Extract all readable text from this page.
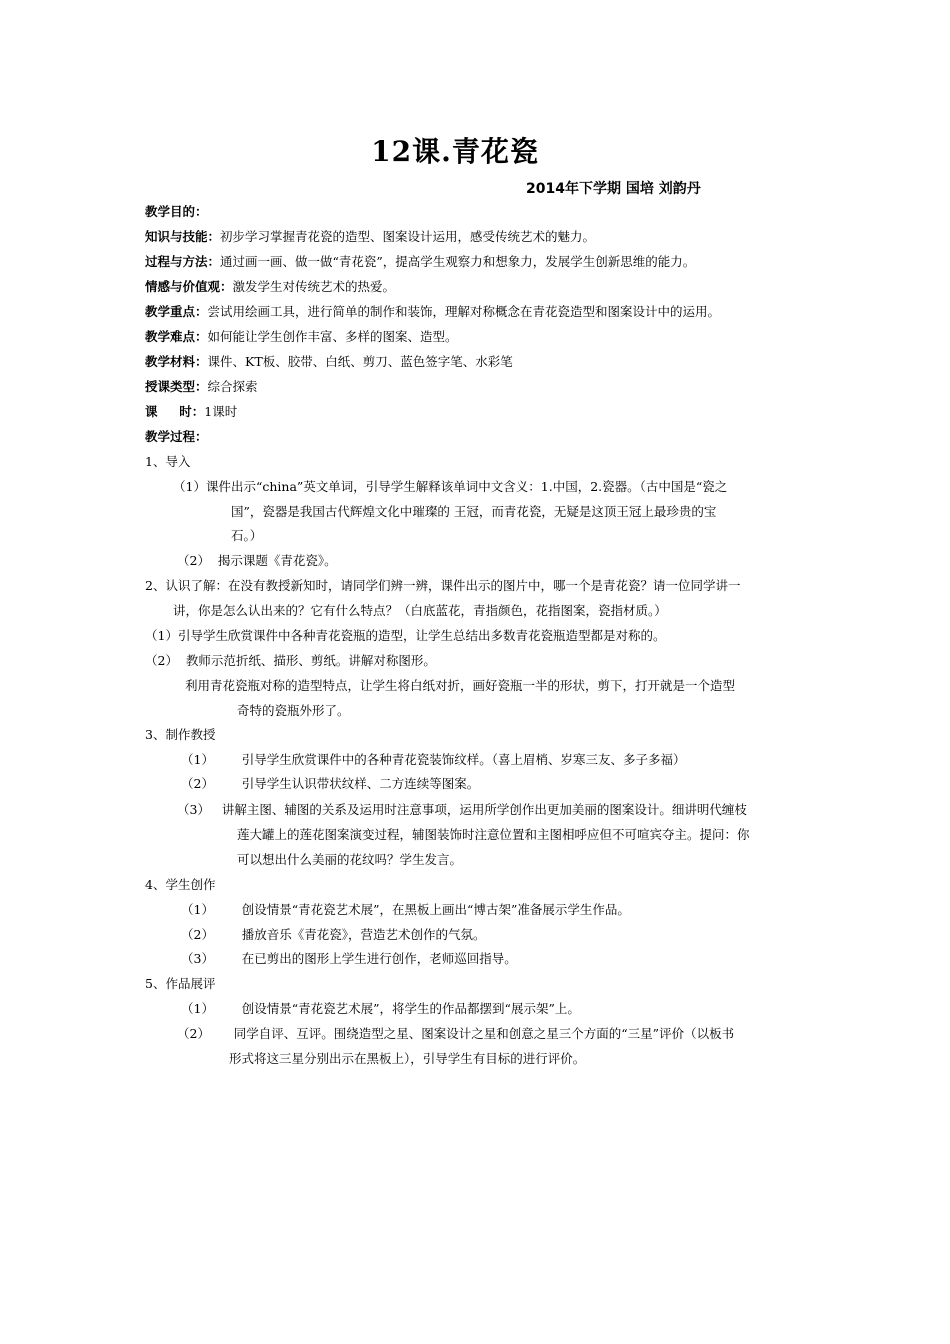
12课.青花瓷
2014年下学期 国培 刘韵丹
教学目的：
知识与技能：初步学习掌握青花瓷的造型、图案设计运用，感受传统艺术的魅力。
过程与方法：通过画一画、做一做“青花瓷”，提高学生观察力和想象力，发展学生创新思维的能力。
情感与价值观：激发学生对传统艺术的热爱。
教学重点：尝试用绘画工具，进行简单的制作和装饰，理解对称概念在青花瓷造型和图案设计中的运用。
教学难点：如何能让学生创作丰富、多样的图案、造型。
教学材料：课件、KT板、胶带、白纸、剪刀、蓝色签字笔、水彩笔
授课类型：综合探索
课     时：1课时
教学过程：
1、导入
（1）课件出示“china”英文单词，引导学生解释该单词中文含义：1.中国，2.瓷器。（古中国是“瓷之
国”，瓷器是我国古代辉煌文化中璀璨的 王冠，而青花瓷，无疑是这顶王冠上最珍贵的宝
石。）
（2）  揭示课题《青花瓷》。
2、认识了解：在没有教授新知时，请同学们辨一辨，课件出示的图片中，哪一个是青花瓷？请一位同学讲一
讲，你是怎么认出来的？它有什么特点？（白底蓝花，青指颜色，花指图案，瓷指材质。）
（1）引导学生欣赏课件中各种青花瓷瓶的造型，让学生总结出多数青花瓷瓶造型都是对称的。
（2）  教师示范折纸、描形、剪纸。讲解对称图形。
利用青花瓷瓶对称的造型特点，让学生将白纸对折，画好瓷瓶一半的形状，剪下，打开就是一个造型
奇特的瓷瓶外形了。
3、制作教授
（1）       引导学生欣赏课件中的各种青花瓷装饰纹样。（喜上眉梢、岁寒三友、多子多福）
（2）       引导学生认识带状纹样、二方连续等图案。
（3）   讲解主图、辅图的关系及运用时注意事项，运用所学创作出更加美丽的图案设计。细讲明代缠枝
莲大罐上的莲花图案演变过程，辅图装饰时注意位置和主图相呼应但不可喧宾夺主。提问：你
可以想出什么美丽的花纹吗？学生发言。
4、学生创作
（1）       创设情景“青花瓷艺术展”，在黑板上画出“博古架”准备展示学生作品。
（2）       播放音乐《青花瓷》，营造艺术创作的气氛。
（3）       在已剪出的图形上学生进行创作，老师巡回指导。
5、作品展评
（1）       创设情景“青花瓷艺术展”，将学生的作品都摆到“展示架”上。
（2）      同学自评、互评。围绕造型之星、图案设计之星和创意之星三个方面的“三星”评价（以板书
形式将这三星分别出示在黑板上），引导学生有目标的进行评价。
